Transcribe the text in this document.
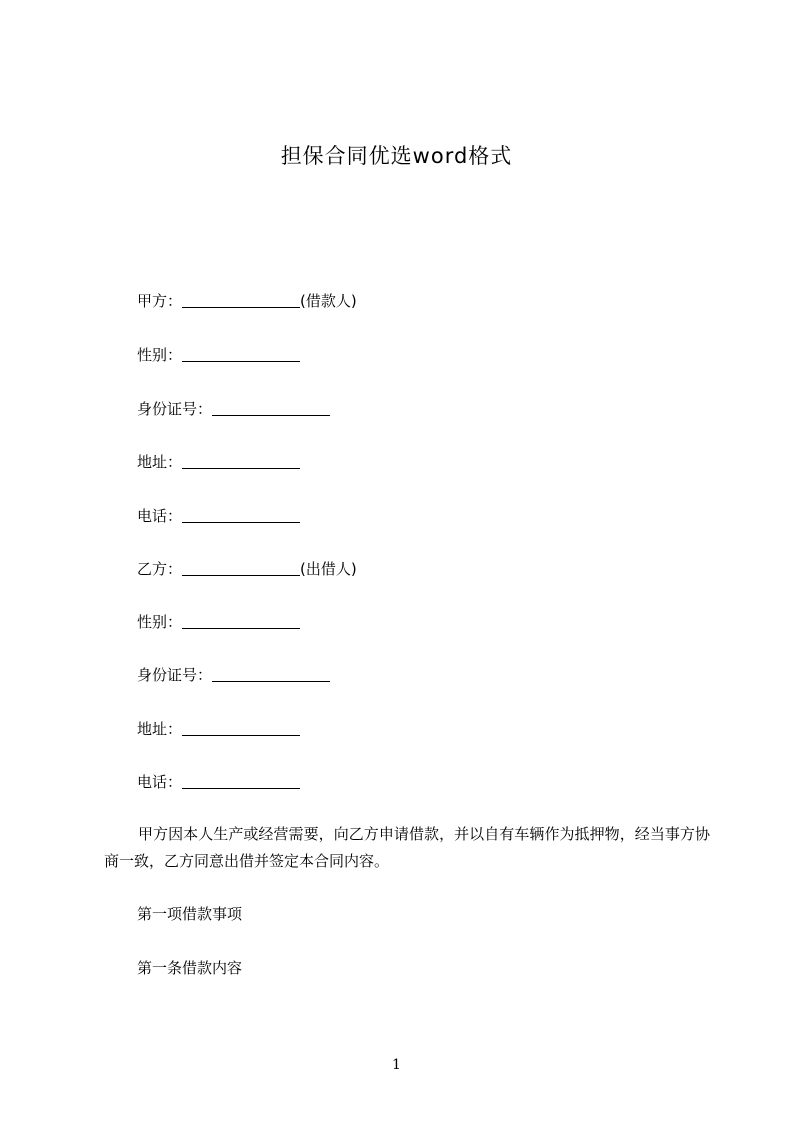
担保合同优选word格式
甲方：	(借款人)
性别：
身份证号：
地址：
电话：
乙方：	(出借人)
性别：
身份证号：
地址：
电话：
甲方因本人生产或经营需要，向乙方申请借款，并以自有车辆作为抵押物，经当事方协商一致，乙方同意出借并签定本合同内容。
第一项借款事项
第一条借款内容
1
